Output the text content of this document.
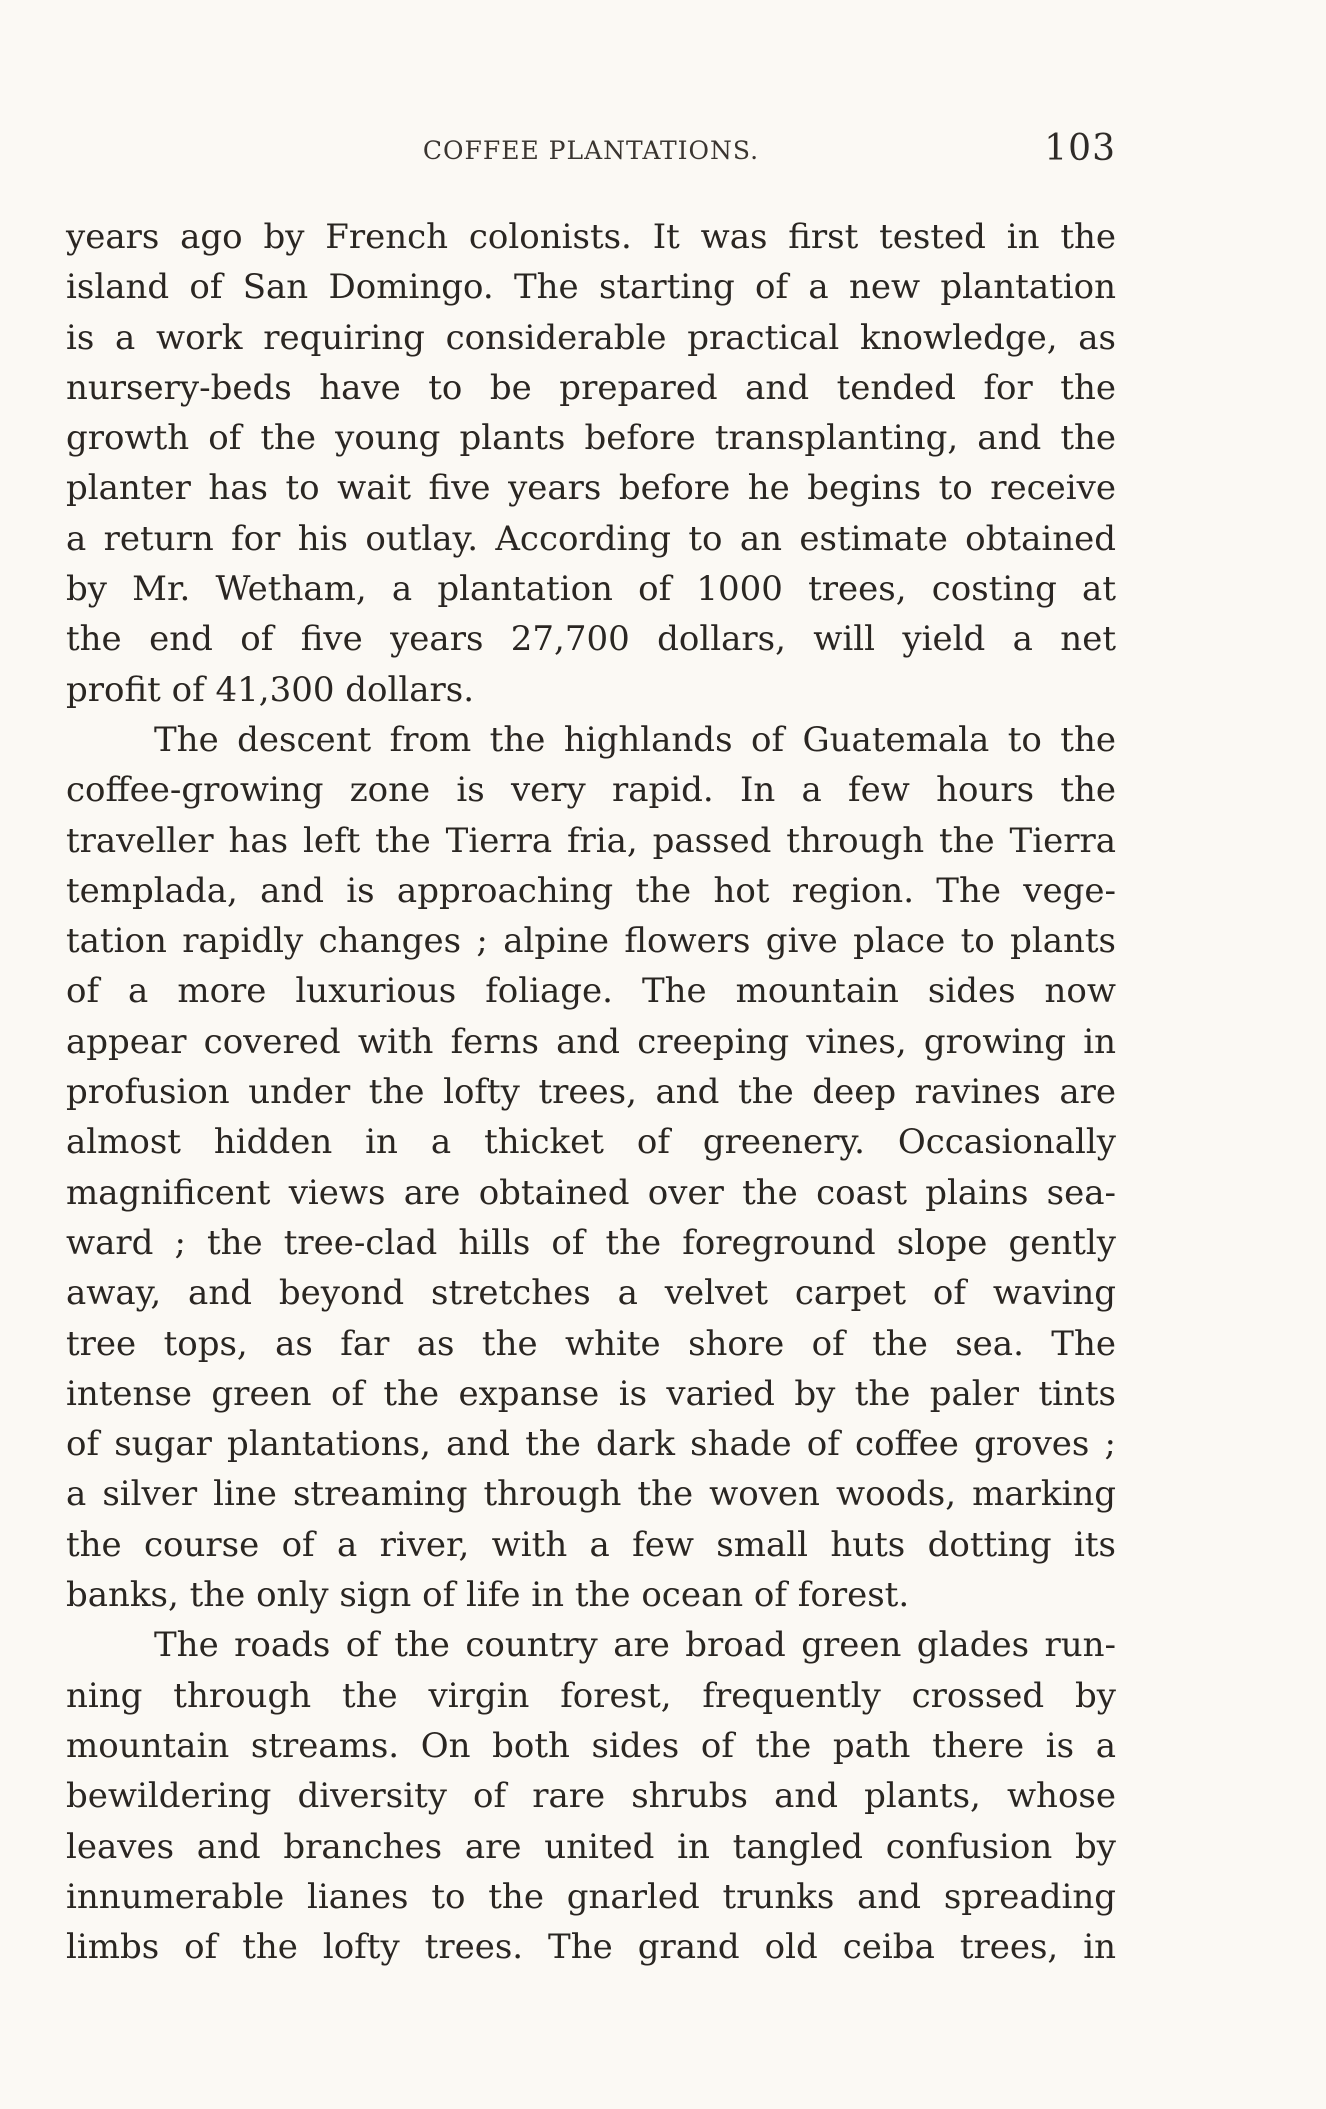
COFFEE PLANTATIONS.	103
years ago by French colonists. It was first tested in the
island of San Domingo. The starting of a new plantation
is a work requiring considerable practical knowledge, as
nursery-beds have to be prepared and tended for the
growth of the young plants before transplanting, and the
planter has to wait five years before he begins to receive
a return for his outlay. According to an estimate obtained
by Mr. Wetham, a plantation of 1000 trees, costing at
the end of five years 27,700 dollars, will yield a net
profit of 41,300 dollars.
The descent from the highlands of Guatemala to the
coffee-growing zone is very rapid. In a few hours the
traveller has left the Tierra fria, passed through the Tierra
templada, and is approaching the hot region. The vege-
tation rapidly changes ; alpine flowers give place to plants
of a more luxurious foliage. The mountain sides now
appear covered with ferns and creeping vines, growing in
profusion under the lofty trees, and the deep ravines are
almost hidden in a thicket of greenery. Occasionally
magnificent views are obtained over the coast plains sea-
ward ; the tree-clad hills of the foreground slope gently
away, and beyond stretches a velvet carpet of waving
tree tops, as far as the white shore of the sea. The
intense green of the expanse is varied by the paler tints
of sugar plantations, and the dark shade of coffee groves ;
a silver line streaming through the woven woods, marking
the course of a river, with a few small huts dotting its
banks, the only sign of life in the ocean of forest.
The roads of the country are broad green glades run-
ning through the virgin forest, frequently crossed by
mountain streams. On both sides of the path there is a
bewildering diversity of rare shrubs and plants, whose
leaves and branches are united in tangled confusion by
innumerable lianes to the gnarled trunks and spreading
limbs of the lofty trees. The grand old ceiba trees, in
